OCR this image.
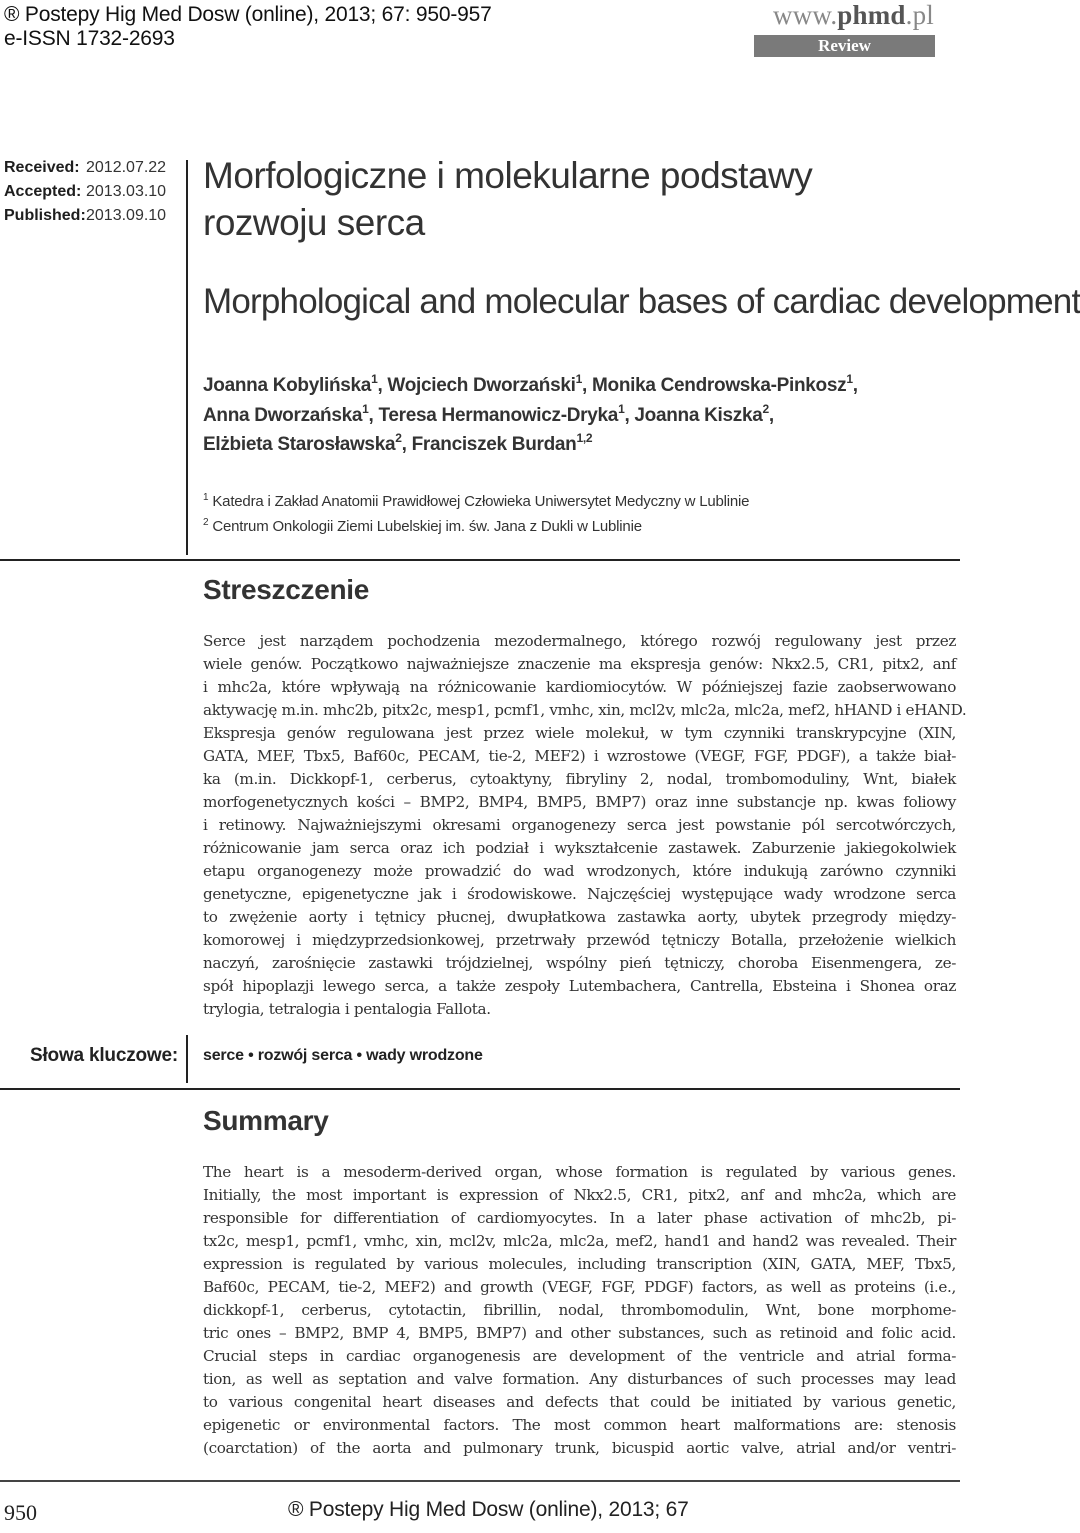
® Postepy Hig Med Dosw (online), 2013; 67: 950-957
e-ISSN 1732-2693
www.phmd.pl
Review
Received: 2012.07.22
Accepted: 2013.03.10
Published: 2013.09.10
Morfologiczne i molekularne podstawy
rozwoju serca
Morphological and molecular bases of cardiac development
Joanna Kobylińska$^1$, Wojciech Dworzański$^1$, Monika Cendrowska-Pinkosz$^1$,
Anna Dworzańska$^1$, Teresa Hermanowicz-Dryka$^1$, Joanna Kiszka$^2$,
Elżbieta Starosławska$^2$, Franciszek Burdan$^{1,2}$
$^1$ Katedra i Zakład Anatomii Prawidłowej Człowieka Uniwersytet Medyczny w Lublinie
$^2$ Centrum Onkologii Ziemi Lubelskiej im. św. Jana z Dukli w Lublinie
Streszczenie
Serce jest narządem pochodzenia mezodermalnego, którego rozwój regulowany jest przez
wiele genów. Początkowo najważniejsze znaczenie ma ekspresja genów: Nkx2.5, CR1, pitx2, anf
i mhc2a, które wpływają na różnicowanie kardiomiocytów. W późniejszej fazie zaobserwowano
aktywację m.in. mhc2b, pitx2c, mesp1, pcmf1, vmhc, xin, mcl2v, mlc2a, mlc2a, mef2, hHAND i eHAND.
Ekspresja genów regulowana jest przez wiele molekuł, w tym czynniki transkrypcyjne (XIN,
GATA, MEF, Tbx5, Baf60c, PECAM, tie-2, MEF2) i wzrostowe (VEGF, FGF, PDGF), a także biał-
ka (m.in. Dickkopf-1, cerberus, cytoaktyny, fibryliny 2, nodal, trombomoduliny, Wnt, białek
morfogenetycznych kości – BMP2, BMP4, BMP5, BMP7) oraz inne substancje np. kwas foliowy
i retinowy. Najważniejszymi okresami organogenezy serca jest powstanie pól sercotwórczych,
różnicowanie jam serca oraz ich podział i wykształcenie zastawek. Zaburzenie jakiegokolwiek
etapu organogenezy może prowadzić do wad wrodzonych, które indukują zarówno czynniki
genetyczne, epigenetyczne jak i środowiskowe. Najczęściej występujące wady wrodzone serca
to zwężenie aorty i tętnicy płucnej, dwupłatkowa zastawka aorty, ubytek przegrody między-
komorowej i międzyprzedsionkowej, przetrwały przewód tętniczy Botalla, przełożenie wielkich
naczyń, zarośnięcie zastawki trójdzielnej, wspólny pień tętniczy, choroba Eisenmengera, ze-
spół hipoplazji lewego serca, a także zespoły Lutembachera, Cantrella, Ebsteina i Shonea oraz
trylogia, tetralogia i pentalogia Fallota.
Słowa kluczowe: serce • rozwój serca • wady wrodzone
Summary
The heart is a mesoderm-derived organ, whose formation is regulated by various genes.
Initially, the most important is expression of Nkx2.5, CR1, pitx2, anf and mhc2a, which are
responsible for differentiation of cardiomyocytes. In a later phase activation of mhc2b, pi-
tx2c, mesp1, pcmf1, vmhc, xin, mcl2v, mlc2a, mlc2a, mef2, hand1 and hand2 was revealed. Their
expression is regulated by various molecules, including transcription (XIN, GATA, MEF, Tbx5,
Baf60c, PECAM, tie-2, MEF2) and growth (VEGF, FGF, PDGF) factors, as well as proteins (i.e.,
dickkopf-1, cerberus, cytotactin, fibrillin, nodal, thrombomodulin, Wnt, bone morphome-
tric ones – BMP2, BMP 4, BMP5, BMP7) and other substances, such as retinoid and folic acid.
Crucial steps in cardiac organogenesis are development of the ventricle and atrial forma-
tion, as well as septation and valve formation. Any disturbances of such processes may lead
to various congenital heart diseases and defects that could be initiated by various genetic,
epigenetic or environmental factors. The most common heart malformations are: stenosis
(coarctation) of the aorta and pulmonary trunk, bicuspid aortic valve, atrial and/or ventri-
950	® Postepy Hig Med Dosw (online), 2013; 67
